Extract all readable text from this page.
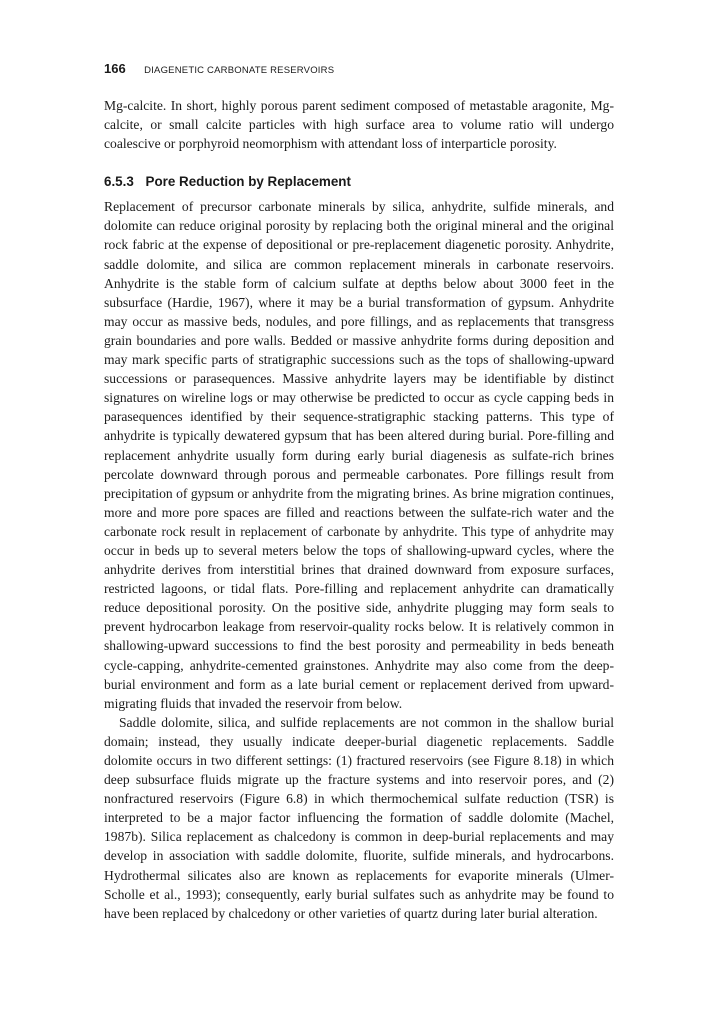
166 DIAGENETIC CARBONATE RESERVOIRS

Mg-calcite. In short, highly porous parent sediment composed of metastable aragonite, Mg-calcite, or small calcite particles with high surface area to volume ratio will undergo coalescive or porphyroid neomorphism with attendant loss of interparticle porosity.

6.5.3 Pore Reduction by Replacement

Replacement of precursor carbonate minerals by silica, anhydrite, sulfide minerals, and dolomite can reduce original porosity by replacing both the original mineral and the original rock fabric at the expense of depositional or pre-replacement diagenetic porosity. Anhydrite, saddle dolomite, and silica are common replacement minerals in carbonate reservoirs. Anhydrite is the stable form of calcium sulfate at depths below about 3000 feet in the subsurface (Hardie, 1967), where it may be a burial transformation of gypsum. Anhydrite may occur as massive beds, nodules, and pore fillings, and as replacements that transgress grain boundaries and pore walls. Bedded or massive anhydrite forms during deposition and may mark specific parts of stratigraphic successions such as the tops of shallowing-upward successions or parasequences. Massive anhydrite layers may be identifiable by distinct signatures on wireline logs or may otherwise be predicted to occur as cycle capping beds in parasequences identified by their sequence-stratigraphic stacking patterns. This type of anhydrite is typically dewatered gypsum that has been altered during burial. Pore-filling and replacement anhydrite usually form during early burial diagenesis as sulfate-rich brines percolate downward through porous and permeable carbonates. Pore fillings result from precipitation of gypsum or anhydrite from the migrating brines. As brine migration continues, more and more pore spaces are filled and reactions between the sulfate-rich water and the carbonate rock result in replacement of carbonate by anhydrite. This type of anhydrite may occur in beds up to several meters below the tops of shallowing-upward cycles, where the anhydrite derives from interstitial brines that drained downward from exposure surfaces, restricted lagoons, or tidal flats. Pore-filling and replacement anhydrite can dramatically reduce depositional porosity. On the positive side, anhydrite plugging may form seals to prevent hydrocarbon leakage from reservoir-quality rocks below. It is relatively common in shallowing-upward successions to find the best porosity and permeability in beds beneath cycle-capping, anhydrite-cemented grainstones. Anhydrite may also come from the deep-burial environment and form as a late burial cement or replacement derived from upward-migrating fluids that invaded the reservoir from below.

Saddle dolomite, silica, and sulfide replacements are not common in the shallow burial domain; instead, they usually indicate deeper-burial diagenetic replacements. Saddle dolomite occurs in two different settings: (1) fractured reservoirs (see Figure 8.18) in which deep subsurface fluids migrate up the fracture systems and into reservoir pores, and (2) nonfractured reservoirs (Figure 6.8) in which thermochemical sulfate reduction (TSR) is interpreted to be a major factor influencing the formation of saddle dolomite (Machel, 1987b). Silica replacement as chalcedony is common in deep-burial replacements and may develop in association with saddle dolomite, fluorite, sulfide minerals, and hydrocarbons. Hydrothermal silicates also are known as replacements for evaporite minerals (Ulmer-Scholle et al., 1993); consequently, early burial sulfates such as anhydrite may be found to have been replaced by chalcedony or other varieties of quartz during later burial alteration.
